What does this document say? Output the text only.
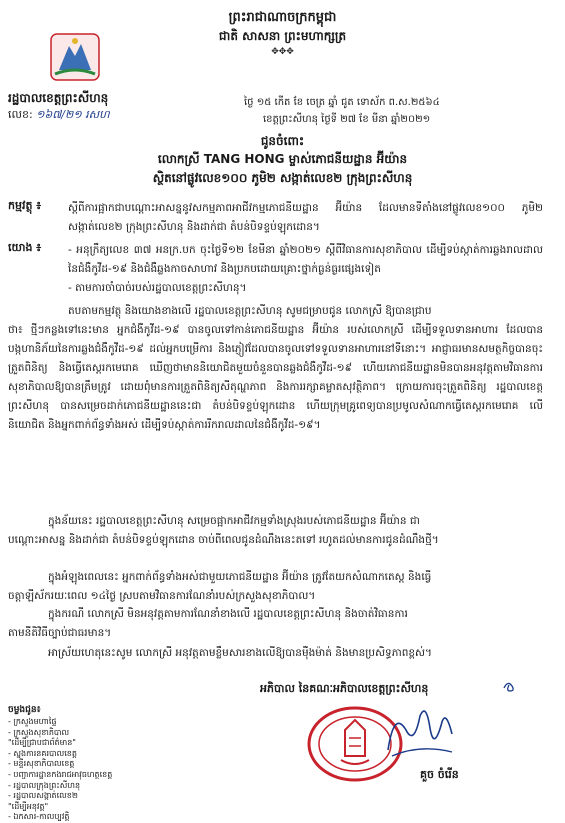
ព្រះរាជាណាចក្រកម្ពុជា
ជាតិ សាសនា ព្រះមហាក្សត្រ
✥✥✥
រដ្ឋបាលខេត្តព្រះសីហនុ
លេខ: ១៦៧/២១ រសហ
ថ្ងៃ ១៥ កើត ខែ ចេត្រ ឆ្នាំ ជូត ទោស័ក ព.ស.២៥៦៤
ខេត្តព្រះសីហនុ ថ្ងៃទី ២៧ ខែ មីនា ឆ្នាំ២០២១
ជូនចំពោះ
លោកស្រី TANG HONG ម្ចាស់ភោជនីយដ្ឋាន អ៊ីយ៉ាន
ស្ថិតនៅផ្លូវលេខ១០០ ភូមិ២ សង្កាត់លេខ២ ក្រុងព្រះសីហនុ
កម្មវត្ថុ ៖	ស្តីពីការផ្អាកជាបណ្តោះអាសន្ននូវសកម្មភាពអាជីវកម្មភោជនីយដ្ឋាន អ៊ីយ៉ាន ដែលមានទីតាំងនៅផ្លូវលេខ១០០ ភូមិ២ សង្កាត់លេខ២ ក្រុងព្រះសីហនុ និងដាក់ជា តំបន់បិទខ្ទប់ឡុកដោន។
យោង ៖	- អនុក្រឹត្យលេខ ៣៧ អនក្រ.បក ចុះថ្ងៃទី១២ ខែមីនា ឆ្នាំ២០២១ ស្តីពីវិធានការសុខាភិបាល ដើម្បីទប់ស្កាត់ការឆ្លងរាលដាលនៃជំងឺកូវីដ-១៩ និងជំងឺឆ្លងកាចសាហាវ និងប្រកបដោយគ្រោះថ្នាក់ធ្ងន់ធ្ងរផ្សេងទៀត
- តាមការចាំបាច់របស់រដ្ឋបាលខេត្តព្រះសីហនុ។
តបតាមកម្មវត្ថុ និងយោងខាងលើ រដ្ឋបាលខេត្តព្រះសីហនុ សូមជម្រាបជូន លោកស្រី ឱ្យបានជ្រាប
ថា៖ ថ្មីៗកន្លងទៅនេះមាន អ្នកជំងឺកូវីដ-១៩ បានចូលទៅកាន់ភោជនីយដ្ឋាន អ៊ីយ៉ាន របស់លោកស្រី ដើម្បីទទួលទានអាហារ ដែលបានបង្កហានិភ័យនៃការឆ្លងជំងឺកូវីដ-១៩ ដល់អ្នកបម្រើការ និងភ្ញៀវដែលបានចូលទៅទទួលទានអាហារនៅទីនោះ។ អាជ្ញាធរមានសមត្ថកិច្ចបានចុះត្រួតពិនិត្យ និងធ្វើតេស្តរកមេរោគ ឃើញថាមាននិយោជិតមួយចំនួនបានឆ្លងជំងឺកូវីដ-១៩ ហើយភោជនីយដ្ឋានមិនបានអនុវត្តតាមវិធានការសុខាភិបាលឱ្យបានត្រឹមត្រូវ ដោយពុំមានការត្រួតពិនិត្យសីតុណ្ហភាព និងការរក្សាគម្លាតសុវត្ថិភាព។ ក្រោយការចុះត្រួតពិនិត្យ រដ្ឋបាលខេត្តព្រះសីហនុ បានសម្រេចដាក់ភោជនីយដ្ឋាននេះជា តំបន់បិទខ្ទប់ឡុកដោន ហើយក្រុមគ្រូពេទ្យបានប្រមូលសំណាកធ្វើតេស្តរកមេរោគ លើនិយោជិត និងអ្នកពាក់ព័ន្ធទាំងអស់ ដើម្បីទប់ស្កាត់ការរីករាលដាលនៃជំងឺកូវីដ-១៩។
ក្នុងន័យនេះ រដ្ឋបាលខេត្តព្រះសីហនុ សម្រេចផ្អាកអាជីវកម្មទាំងស្រុងរបស់ភោជនីយដ្ឋាន អ៊ីយ៉ាន ជា
បណ្តោះអាសន្ន និងដាក់ជា តំបន់បិទខ្ទប់ឡុកដោន ចាប់ពីពេលជូនដំណឹងនេះតទៅ រហូតដល់មានការជូនដំណឹងថ្មី។
ក្នុងអំឡុងពេលនេះ អ្នកពាក់ព័ន្ធទាំងអស់ជាមួយភោជនីយដ្ឋាន អ៊ីយ៉ាន ត្រូវតែយកសំណាកតេស្ត និងធ្វើ
ចត្តាឡីស័ករយៈពេល ១៤ថ្ងៃ ស្របតាមវិធានការណែនាំរបស់ក្រសួងសុខាភិបាល។
ក្នុងករណី លោកស្រី មិនអនុវត្តតាមការណែនាំខាងលើ រដ្ឋបាលខេត្តព្រះសីហនុ និងចាត់វិធានការ
តាមនីតិវិធីច្បាប់ជាធរមាន។
អាស្រ័យហេតុនេះសូម លោកស្រី អនុវត្តតាមខ្លឹមសារខាងលើឱ្យបានម៉ឺងម៉ាត់ និងមានប្រសិទ្ធភាពខ្ពស់។
អភិបាល នៃគណៈអភិបាលខេត្តព្រះសីហនុ
ចម្លងជូន៖
- ក្រសួងមហាផ្ទៃ
- ក្រសួងសុខាភិបាល
"ដើម្បីជ្រាបជាព័ត៌មាន"
- ស្នងការនគរបាលខេត្ត
- មន្ទីរសុខាភិបាលខេត្ត
- បញ្ជាការដ្ឋានកងរាជអាវុធហត្ថខេត្ត
- រដ្ឋបាលក្រុងព្រះសីហនុ
- រដ្ឋបាលសង្កាត់លេខ២
"ដើម្បីអនុវត្ត"
- ឯកសារ-កាលប្បវត្តិ
គួច ចំរើន
